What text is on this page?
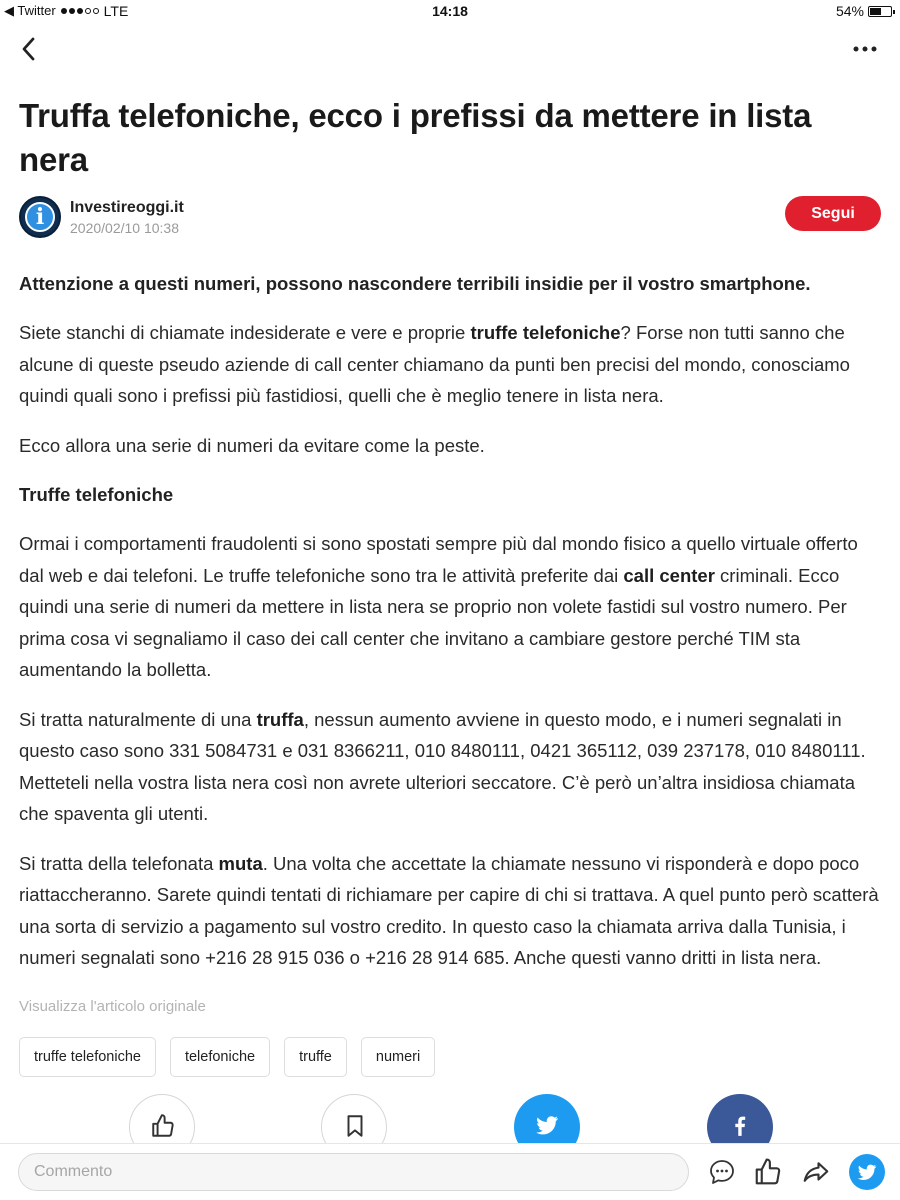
◀ Twitter	LTE	14:18	54%
Truffa telefoniche, ecco i prefissi da mettere in lista nera
i	Investireoggi.it
2020/02/10 10:38
Segui

Attenzione a questi numeri, possono nascondere terribili insidie per il vostro smartphone.

Siete stanchi di chiamate indesiderate e vere e proprie truffe telefoniche? Forse non tutti sanno che alcune di queste pseudo aziende di call center chiamano da punti ben precisi del mondo, conosciamo quindi quali sono i prefissi più fastidiosi, quelli che è meglio tenere in lista nera.

Ecco allora una serie di numeri da evitare come la peste.

Truffe telefoniche

Ormai i comportamenti fraudolenti si sono spostati sempre più dal mondo fisico a quello virtuale offerto dal web e dai telefoni. Le truffe telefoniche sono tra le attività preferite dai call center criminali. Ecco quindi una serie di numeri da mettere in lista nera se proprio non volete fastidi sul vostro numero. Per prima cosa vi segnaliamo il caso dei call center che invitano a cambiare gestore perché TIM sta aumentando la bolletta.

Si tratta naturalmente di una truffa, nessun aumento avviene in questo modo, e i numeri segnalati in questo caso sono 331 5084731 e 031 8366211, 010 8480111, 0421 365112, 039 237178, 010 8480111. Metteteli nella vostra lista nera così non avrete ulteriori seccatore. C’è però un’altra insidiosa chiamata che spaventa gli utenti.

Si tratta della telefonata muta. Una volta che accettate la chiamate nessuno vi risponderà e dopo poco riattaccheranno. Sarete quindi tentati di richiamare per capire di chi si trattava. A quel punto però scatterà una sorta di servizio a pagamento sul vostro credito. In questo caso la chiamata arriva dalla Tunisia, i numeri segnalati sono +216 28 915 036 o +216 28 914 685. Anche questi vanno dritti in lista nera.

Visualizza l'articolo originale
truffe telefoniche	telefoniche	truffe	numeri
Commento
